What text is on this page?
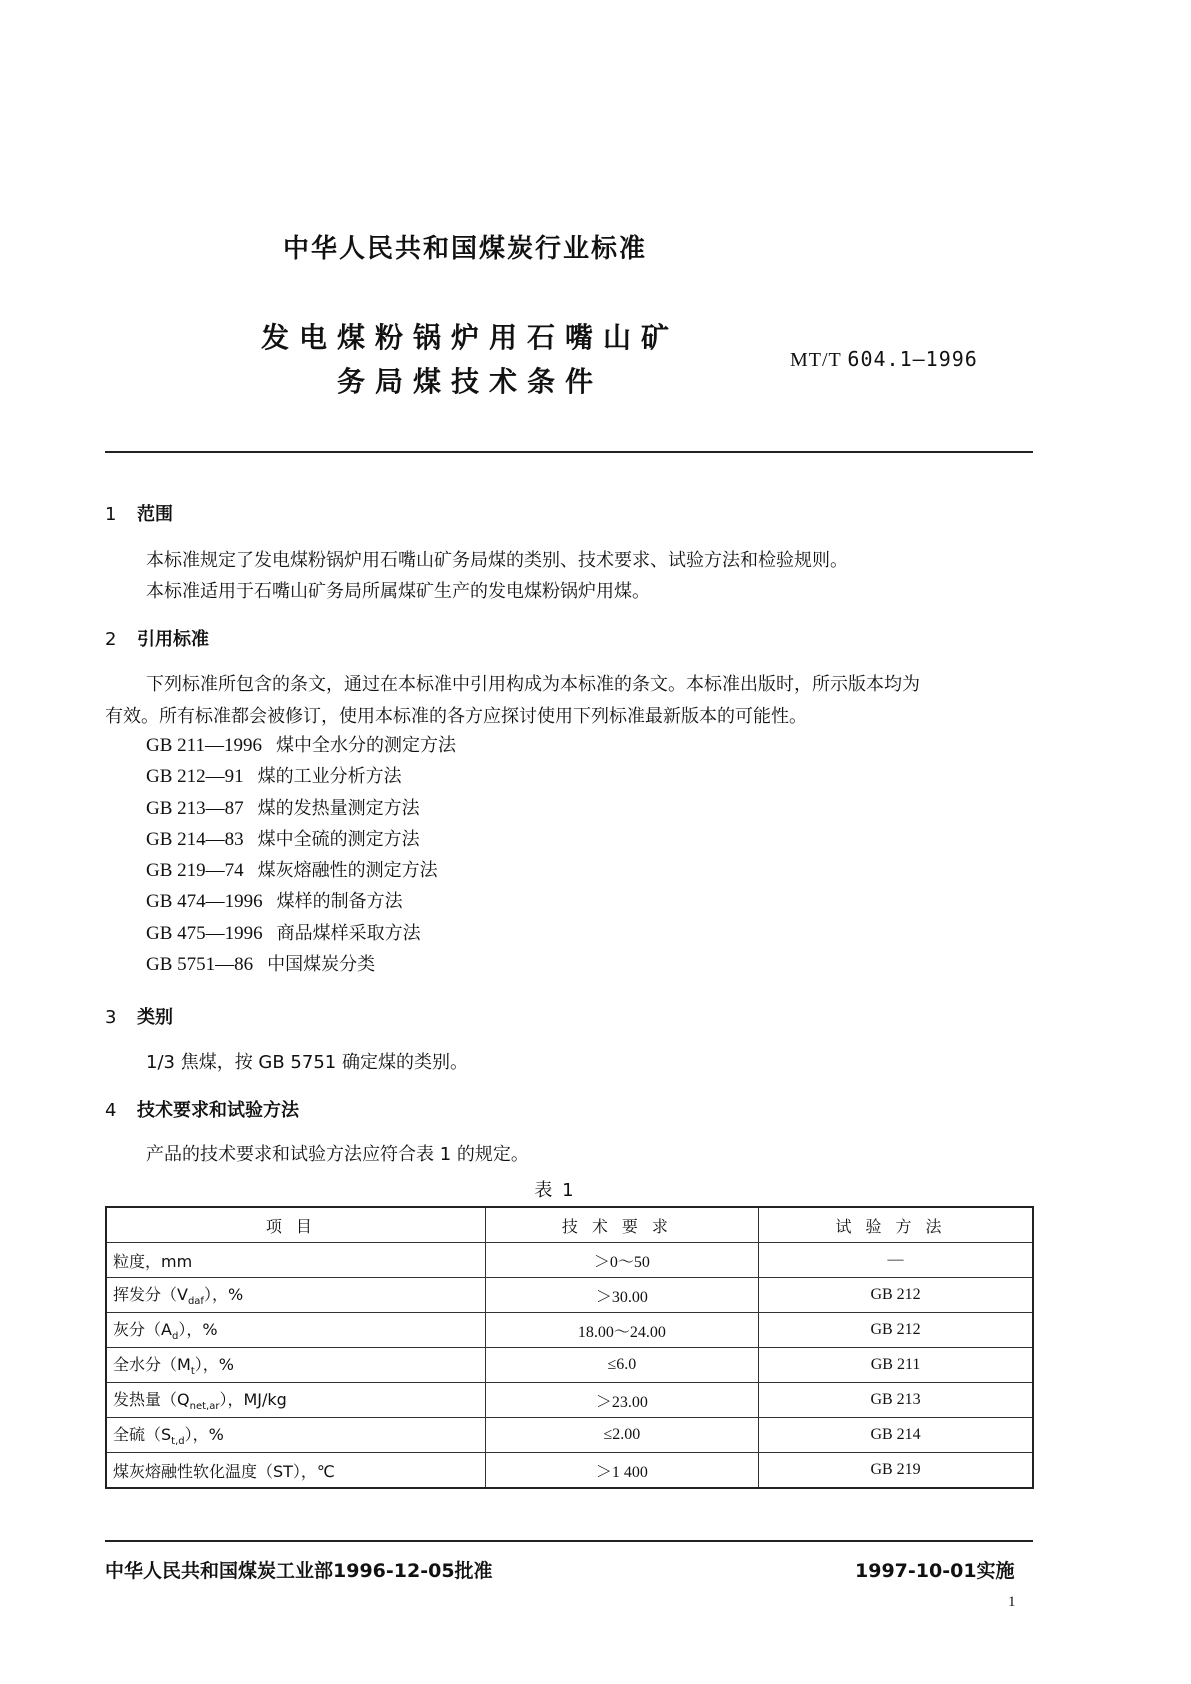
中华人民共和国煤炭行业标准
发电煤粉锅炉用石嘴山矿
务局煤技术条件
MT/T 604.1—1996
1 范围
本标准规定了发电煤粉锅炉用石嘴山矿务局煤的类别、技术要求、试验方法和检验规则。
本标准适用于石嘴山矿务局所属煤矿生产的发电煤粉锅炉用煤。
2 引用标准
下列标准所包含的条文，通过在本标准中引用构成为本标准的条文。本标准出版时，所示版本均为
有效。所有标准都会被修订，使用本标准的各方应探讨使用下列标准最新版本的可能性。
GB 211—1996 煤中全水分的测定方法
GB 212—91 煤的工业分析方法
GB 213—87 煤的发热量测定方法
GB 214—83 煤中全硫的测定方法
GB 219—74 煤灰熔融性的测定方法
GB 474—1996 煤样的制备方法
GB 475—1996 商品煤样采取方法
GB 5751—86 中国煤炭分类
3 类别
1/3 焦煤，按 GB 5751 确定煤的类别。
4 技术要求和试验方法
产品的技术要求和试验方法应符合表 1 的规定。
表 1
项目	技术要求	试验方法
粒度，mm	＞0～50	—
挥发分$(V_{daf})$，%	＞30.00	GB 212
灰分$(A_d)$，%	18.00～24.00	GB 212
全水分$(M_t)$，%	≤6.0	GB 211
发热量$(Q_{net,ar})$，MJ/kg	＞23.00	GB 213
全硫$(S_{t,d})$，%	≤2.00	GB 214
煤灰熔融性软化温度（ST），℃	＞1 400	GB 219
中华人民共和国煤炭工业部1996-12-05批准	1997-10-01实施
1
